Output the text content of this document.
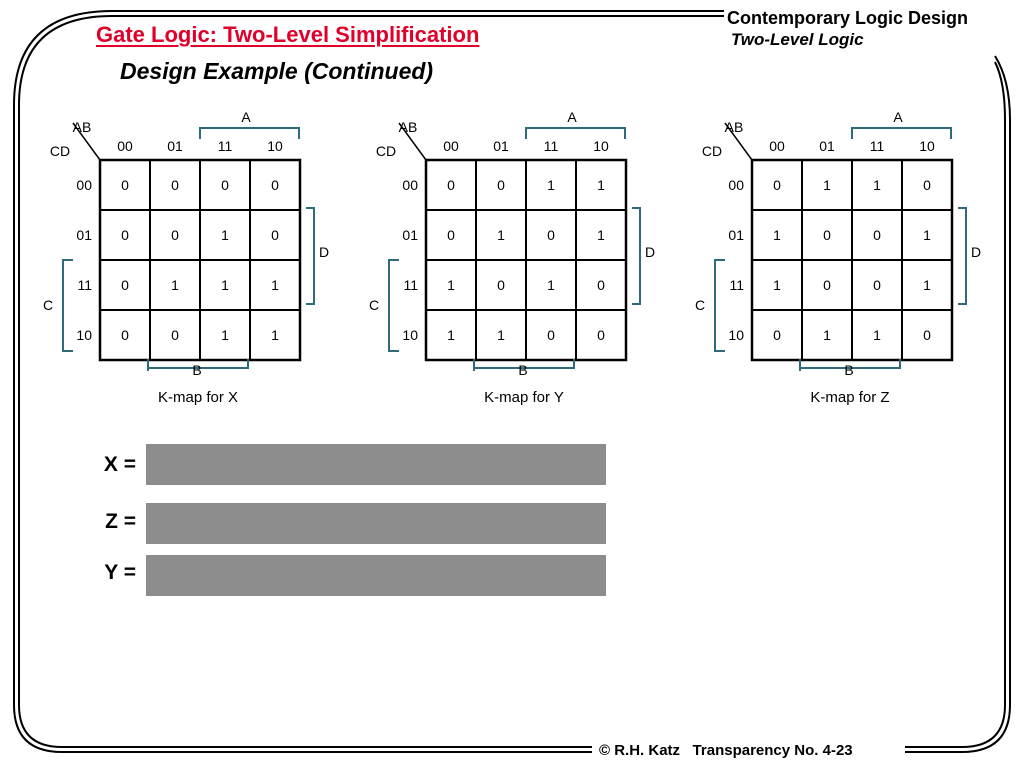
Gate Logic: Two-Level Simplification
Design Example (Continued)
Contemporary Logic Design
Two-Level Logic
AB
CD	00 01 11 10
00
01
11
10
0	0	0	0
0	0	1	0
0	1	1	1
0	0	1	1
A
B
C
D
K-map for X
AB
CD	00 01 11 10
00
01
11
10
0	0	1	1
0	1	0	1
1	0	1	0
1	1	0	0
A
B
C
D
K-map for Y
AB
CD	00 01 11 10
00
01
11
10
0	1	1	0
1	0	0	1
1	0	0	1
0	1	1	0
A
B
C
D
K-map for Z
X =
Z =
Y =
© R.H. Katz   Transparency No. 4-23
